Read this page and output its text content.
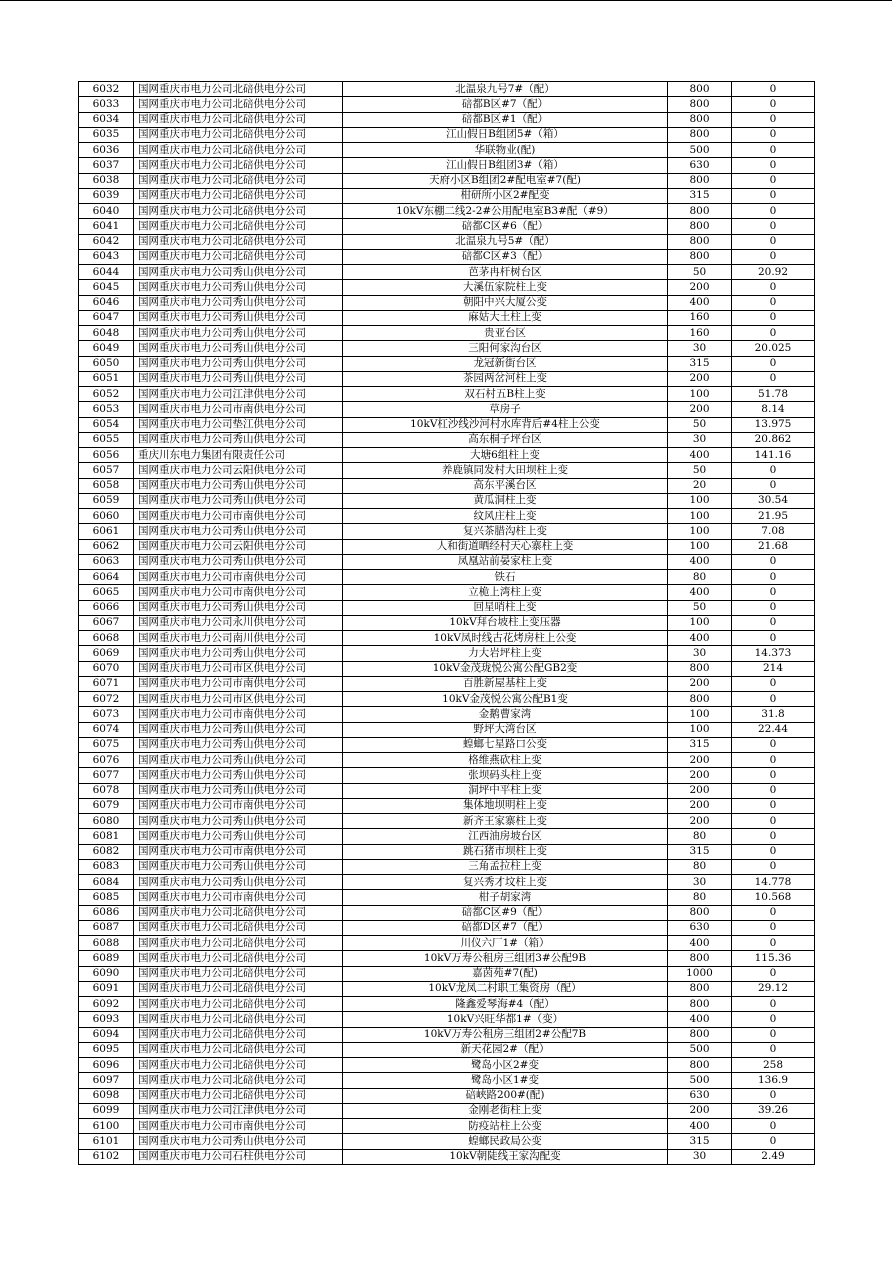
6032	国网重庆市电力公司北碚供电分公司	北温泉九号7#（配）	800	0
6033	国网重庆市电力公司北碚供电分公司	碚都B区#7（配）	800	0
6034	国网重庆市电力公司北碚供电分公司	碚都B区#1（配）	800	0
6035	国网重庆市电力公司北碚供电分公司	江山假日B组团5#（箱）	800	0
6036	国网重庆市电力公司北碚供电分公司	华联物业(配)	500	0
6037	国网重庆市电力公司北碚供电分公司	江山假日B组团3#（箱）	630	0
6038	国网重庆市电力公司北碚供电分公司	天府小区B组团2#配电室#7(配)	800	0
6039	国网重庆市电力公司北碚供电分公司	柑研所小区2#配变	315	0
6040	国网重庆市电力公司北碚供电分公司	10kV东棚二线2-2#公用配电室B3#配（#9）	800	0
6041	国网重庆市电力公司北碚供电分公司	碚都C区#6（配）	800	0
6042	国网重庆市电力公司北碚供电分公司	北温泉九号5#（配）	800	0
6043	国网重庆市电力公司北碚供电分公司	碚都C区#3（配）	800	0
6044	国网重庆市电力公司秀山供电分公司	芭茅冉杆树台区	50	20.92
6045	国网重庆市电力公司秀山供电分公司	大溪伍家院柱上变	200	0
6046	国网重庆市电力公司秀山供电分公司	朝阳中兴大厦公变	400	0
6047	国网重庆市电力公司秀山供电分公司	麻姑大土柱上变	160	0
6048	国网重庆市电力公司秀山供电分公司	贵亚台区	160	0
6049	国网重庆市电力公司秀山供电分公司	三阳何家沟台区	30	20.025
6050	国网重庆市电力公司秀山供电分公司	龙冠新街台区	315	0
6051	国网重庆市电力公司秀山供电分公司	茶园两岔河柱上变	200	0
6052	国网重庆市电力公司江津供电分公司	双石村五B柱上变	100	51.78
6053	国网重庆市电力公司市南供电分公司	草房子	200	8.14
6054	国网重庆市电力公司垫江供电分公司	10kV杠沙线沙河村水库背后#4柱上公变	50	13.975
6055	国网重庆市电力公司秀山供电分公司	高东桐子坪台区	30	20.862
6056	重庆川东电力集团有限责任公司	大塘6组柱上变	400	141.16
6057	国网重庆市电力公司云阳供电分公司	养鹿镇同发村大田坝柱上变	50	0
6058	国网重庆市电力公司秀山供电分公司	高东平溪台区	20	0
6059	国网重庆市电力公司秀山供电分公司	黄瓜洞柱上变	100	30.54
6060	国网重庆市电力公司市南供电分公司	纹风庄柱上变	100	21.95
6061	国网重庆市电力公司秀山供电分公司	复兴茶腊沟柱上变	100	7.08
6062	国网重庆市电力公司云阳供电分公司	人和街道晒经村天心寨柱上变	100	21.68
6063	国网重庆市电力公司秀山供电分公司	凤凰站前晏家柱上变	400	0
6064	国网重庆市电力公司市南供电分公司	铁石	80	0
6065	国网重庆市电力公司市南供电分公司	立桅上湾柱上变	400	0
6066	国网重庆市电力公司秀山供电分公司	回星哨柱上变	50	0
6067	国网重庆市电力公司永川供电分公司	10kV拜台坡柱上变压器	100	0
6068	国网重庆市电力公司南川供电分公司	10kV凤时线古花烤房柱上公变	400	0
6069	国网重庆市电力公司秀山供电分公司	力大岩坪柱上变	30	14.373
6070	国网重庆市电力公司市区供电分公司	10kV金茂珑悦公寓公配GB2变	800	214
6071	国网重庆市电力公司市南供电分公司	百胜新屋基柱上变	200	0
6072	国网重庆市电力公司市区供电分公司	10kV金茂悦公寓公配B1变	800	0
6073	国网重庆市电力公司市南供电分公司	金鹅曹家湾	100	31.8
6074	国网重庆市电力公司秀山供电分公司	野坪大湾台区	100	22.44
6075	国网重庆市电力公司秀山供电分公司	蝗螂七星路口公变	315	0
6076	国网重庆市电力公司秀山供电分公司	格维燕砍柱上变	200	0
6077	国网重庆市电力公司秀山供电分公司	张坝码头柱上变	200	0
6078	国网重庆市电力公司秀山供电分公司	洞坪中平柱上变	200	0
6079	国网重庆市电力公司市南供电分公司	集体地坝明柱上变	200	0
6080	国网重庆市电力公司秀山供电分公司	新齐王家寨柱上变	200	0
6081	国网重庆市电力公司秀山供电分公司	江西油房坡台区	80	0
6082	国网重庆市电力公司市南供电分公司	跳石猪市坝柱上变	315	0
6083	国网重庆市电力公司秀山供电分公司	三角孟拉柱上变	80	0
6084	国网重庆市电力公司秀山供电分公司	复兴秀才坟柱上变	30	14.778
6085	国网重庆市电力公司市南供电分公司	柑子胡家湾	80	10.568
6086	国网重庆市电力公司北碚供电分公司	碚都C区#9（配）	800	0
6087	国网重庆市电力公司北碚供电分公司	碚都D区#7（配）	630	0
6088	国网重庆市电力公司北碚供电分公司	川仪六厂1#（箱）	400	0
6089	国网重庆市电力公司北碚供电分公司	10kV万寿公租房三组团3#公配9B	800	115.36
6090	国网重庆市电力公司北碚供电分公司	嘉茵苑#7(配)	1000	0
6091	国网重庆市电力公司北碚供电分公司	10kV龙凤二村职工集资房（配）	800	29.12
6092	国网重庆市电力公司北碚供电分公司	隆鑫爱琴海#4（配）	800	0
6093	国网重庆市电力公司北碚供电分公司	10kV兴旺华都1#（变）	400	0
6094	国网重庆市电力公司北碚供电分公司	10kV万寿公租房三组团2#公配7B	800	0
6095	国网重庆市电力公司北碚供电分公司	新天花园2#（配）	500	0
6096	国网重庆市电力公司北碚供电分公司	鹭岛小区2#变	800	258
6097	国网重庆市电力公司北碚供电分公司	鹭岛小区1#变	500	136.9
6098	国网重庆市电力公司北碚供电分公司	碚峡路200#(配)	630	0
6099	国网重庆市电力公司江津供电分公司	金刚老街柱上变	200	39.26
6100	国网重庆市电力公司市南供电分公司	防疫站柱上公变	400	0
6101	国网重庆市电力公司秀山供电分公司	蝗螂民政局公变	315	0
6102	国网重庆市电力公司石柱供电分公司	10kV朝陡线王家沟配变	30	2.49
